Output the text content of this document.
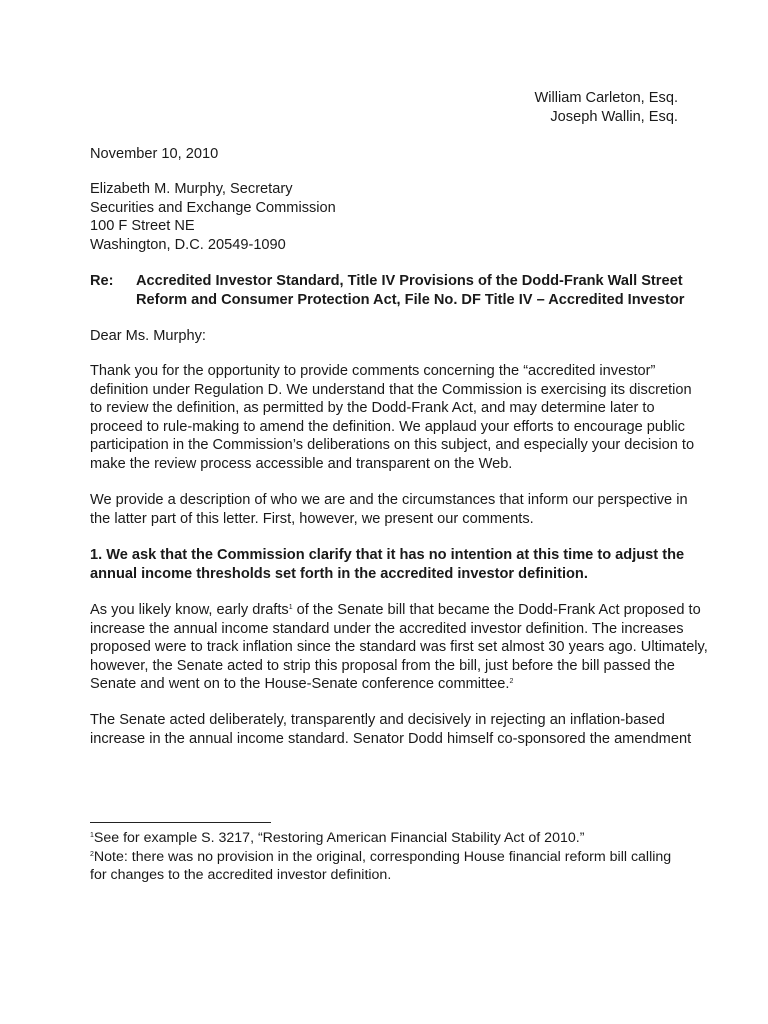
William Carleton, Esq.
Joseph Wallin, Esq.
November 10, 2010
Elizabeth M. Murphy, Secretary
Securities and Exchange Commission
100 F Street NE
Washington, D.C. 20549-1090
Re: Accredited Investor Standard, Title IV Provisions of the Dodd-Frank Wall Street
Reform and Consumer Protection Act, File No. DF Title IV – Accredited Investor
Dear Ms. Murphy:
Thank you for the opportunity to provide comments concerning the “accredited investor”
definition under Regulation D. We understand that the Commission is exercising its discretion
to review the definition, as permitted by the Dodd-Frank Act, and may determine later to
proceed to rule-making to amend the definition. We applaud your efforts to encourage public
participation in the Commission’s deliberations on this subject, and especially your decision to
make the review process accessible and transparent on the Web.
We provide a description of who we are and the circumstances that inform our perspective in
the latter part of this letter. First, however, we present our comments.
1. We ask that the Commission clarify that it has no intention at this time to adjust the
annual income thresholds set forth in the accredited investor definition.
As you likely know, early drafts$^1$ of the Senate bill that became the Dodd-Frank Act proposed to
increase the annual income standard under the accredited investor definition. The increases
proposed were to track inflation since the standard was first set almost 30 years ago. Ultimately,
however, the Senate acted to strip this proposal from the bill, just before the bill passed the
Senate and went on to the House-Senate conference committee.$^2$
The Senate acted deliberately, transparently and decisively in rejecting an inflation-based
increase in the annual income standard. Senator Dodd himself co-sponsored the amendment
$^1$See for example S. 3217, “Restoring American Financial Stability Act of 2010.”
$^2$Note: there was no provision in the original, corresponding House financial reform bill calling
for changes to the accredited investor definition.
